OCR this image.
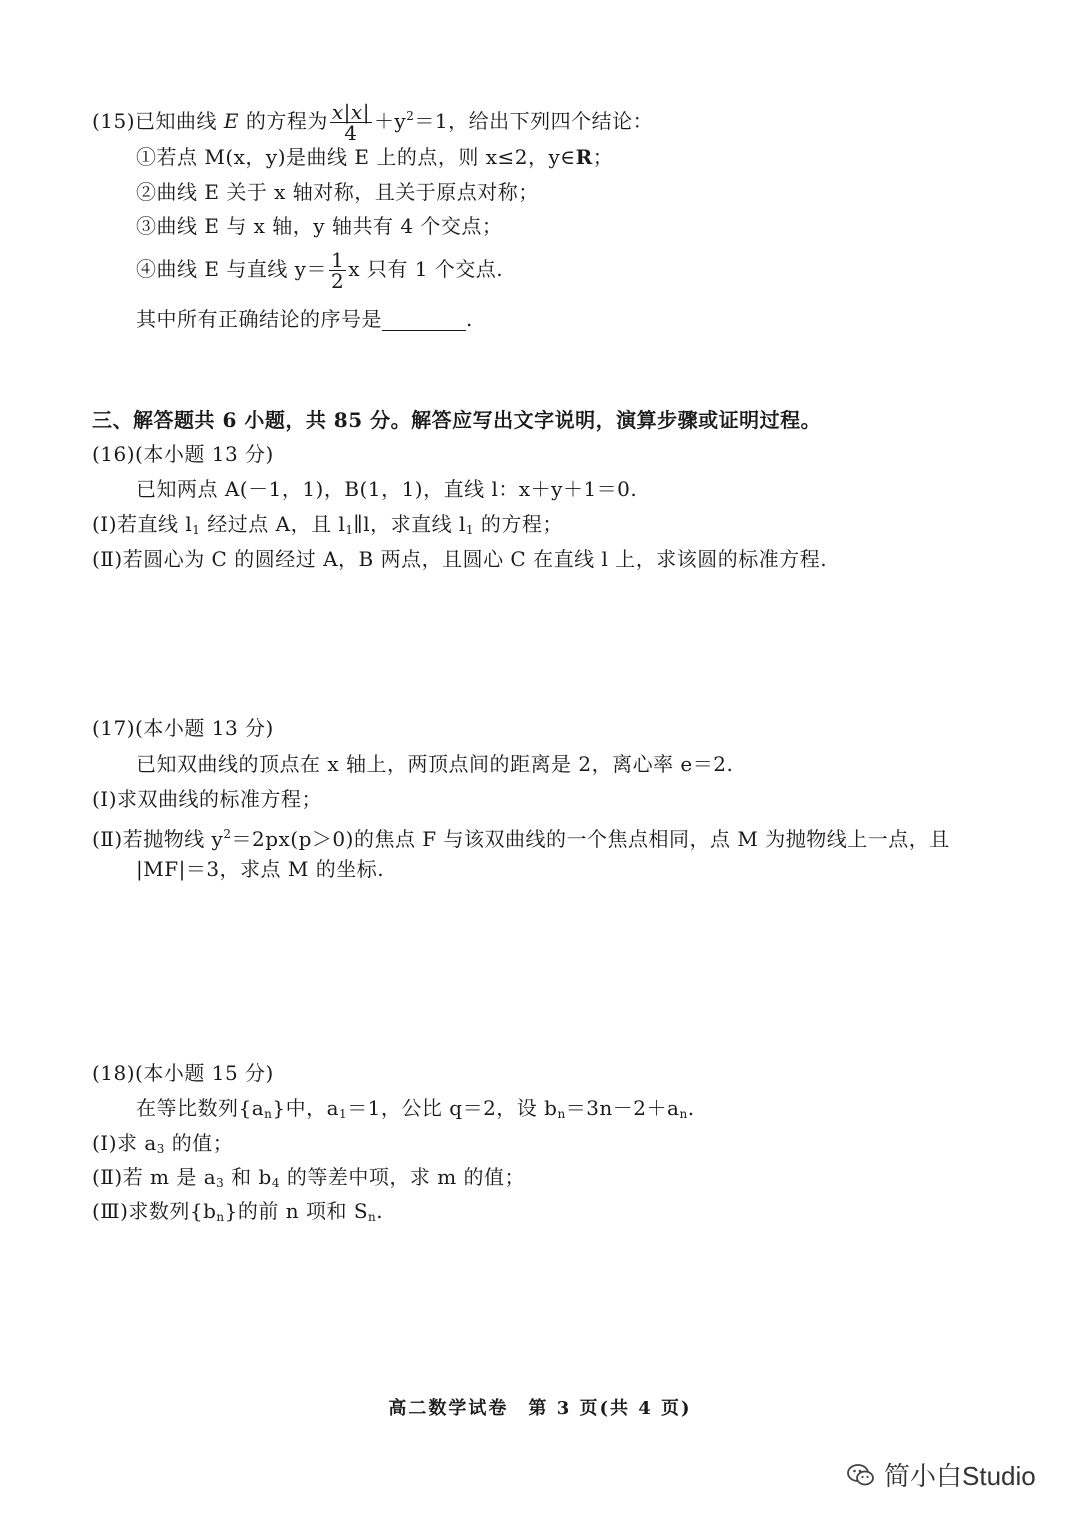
(15)已知曲线 E 的方程为 $\frac{x|x|}{4} +y^2=1$，给出下列四个结论：
①若点 M(x，y)是曲线 E 上的点，则 x≤2，y∈R；
②曲线 E 关于 x 轴对称，且关于原点对称；
③曲线 E 与 x 轴，y 轴共有 4 个交点；
④曲线 E 与直线 $y= \frac{1}{2}$ x 只有 1 个交点.
其中所有正确结论的序号是	.
三、解答题共 6 小题，共 85 分。解答应写出文字说明，演算步骤或证明过程。
(16)(本小题 13 分)
已知两点 A(－1，1)，B(1，1)，直线 l：x＋y＋1＝0.
(Ⅰ)若直线 $l_1$ 经过点 A，且 $l_1\parallel l$，求直线 $l_1$ 的方程；
(Ⅱ)若圆心为 C 的圆经过 A，B 两点，且圆心 C 在直线 l 上，求该圆的标准方程.
(17)(本小题 13 分)
已知双曲线的顶点在 x 轴上，两顶点间的距离是 2，离心率 e＝2.
(Ⅰ)求双曲线的标准方程；
(Ⅱ)若抛物线 $y^2=2px(p>0)$的焦点 F 与该双曲线的一个焦点相同，点 M 为抛物线上一点，且
|MF|＝3，求点 M 的坐标.
(18)(本小题 15 分)
在等比数列$\{a_n\}$中，$a_1=1$，公比 q＝2，设 $b_n=3n-2+a_n$.
(Ⅰ)求 $a_3$ 的值；
(Ⅱ)若 m 是 $a_3$ 和 $b_4$ 的等差中项，求 m 的值；
(Ⅲ)求数列$\{b_n\}$的前 n 项和 $S_n$.
高二数学试卷　第 3 页(共 4 页)
简小白Studio
